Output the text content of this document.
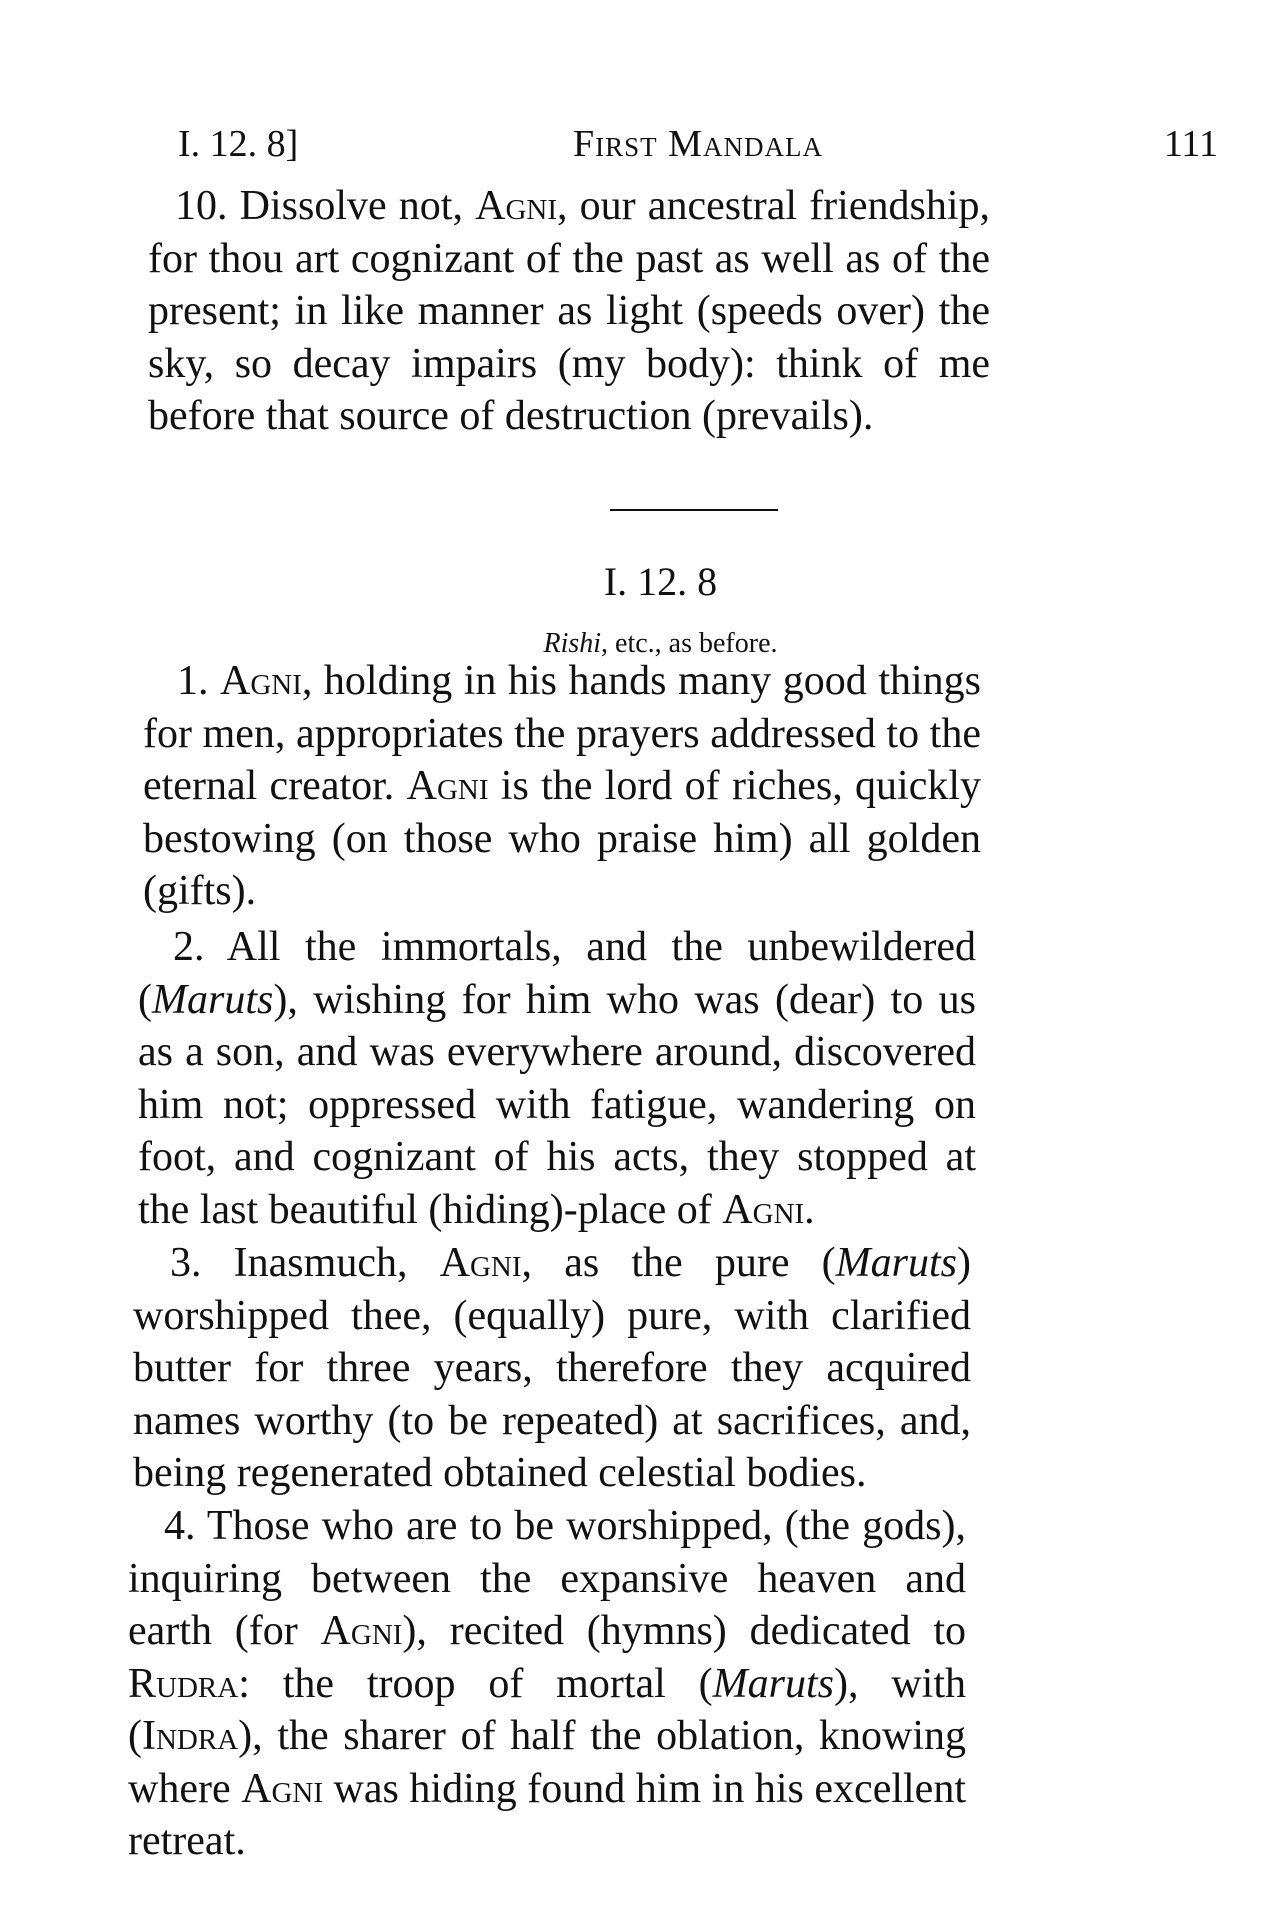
I. 12. 8]	First Mandala	111

10. Dissolve not, Agni, our ancestral friendship, for thou art cognizant of the past as well as of the present; in like manner as light (speeds over) the sky, so decay impairs (my body): think of me before that source of destruction (prevails).

I. 12. 8
Rishi, etc., as before.

1. Agni, holding in his hands many good things for men, appropriates the prayers addressed to the eternal creator. Agni is the lord of riches, quickly bestowing (on those who praise him) all golden (gifts).

2. All the immortals, and the unbewildered (Maruts), wishing for him who was (dear) to us as a son, and was everywhere around, discovered him not; oppressed with fatigue, wandering on foot, and cognizant of his acts, they stopped at the last beautiful (hiding)-place of Agni.

3. Inasmuch, Agni, as the pure (Maruts) worshipped thee, (equally) pure, with clarified butter for three years, therefore they acquired names worthy (to be repeated) at sacrifices, and, being regenerated obtained celestial bodies.

4. Those who are to be worshipped, (the gods), inquiring between the expansive heaven and earth (for Agni), recited (hymns) dedicated to Rudra: the troop of mortal (Maruts), with (Indra), the sharer of half the oblation, knowing where Agni was hiding found him in his excellent retreat.
